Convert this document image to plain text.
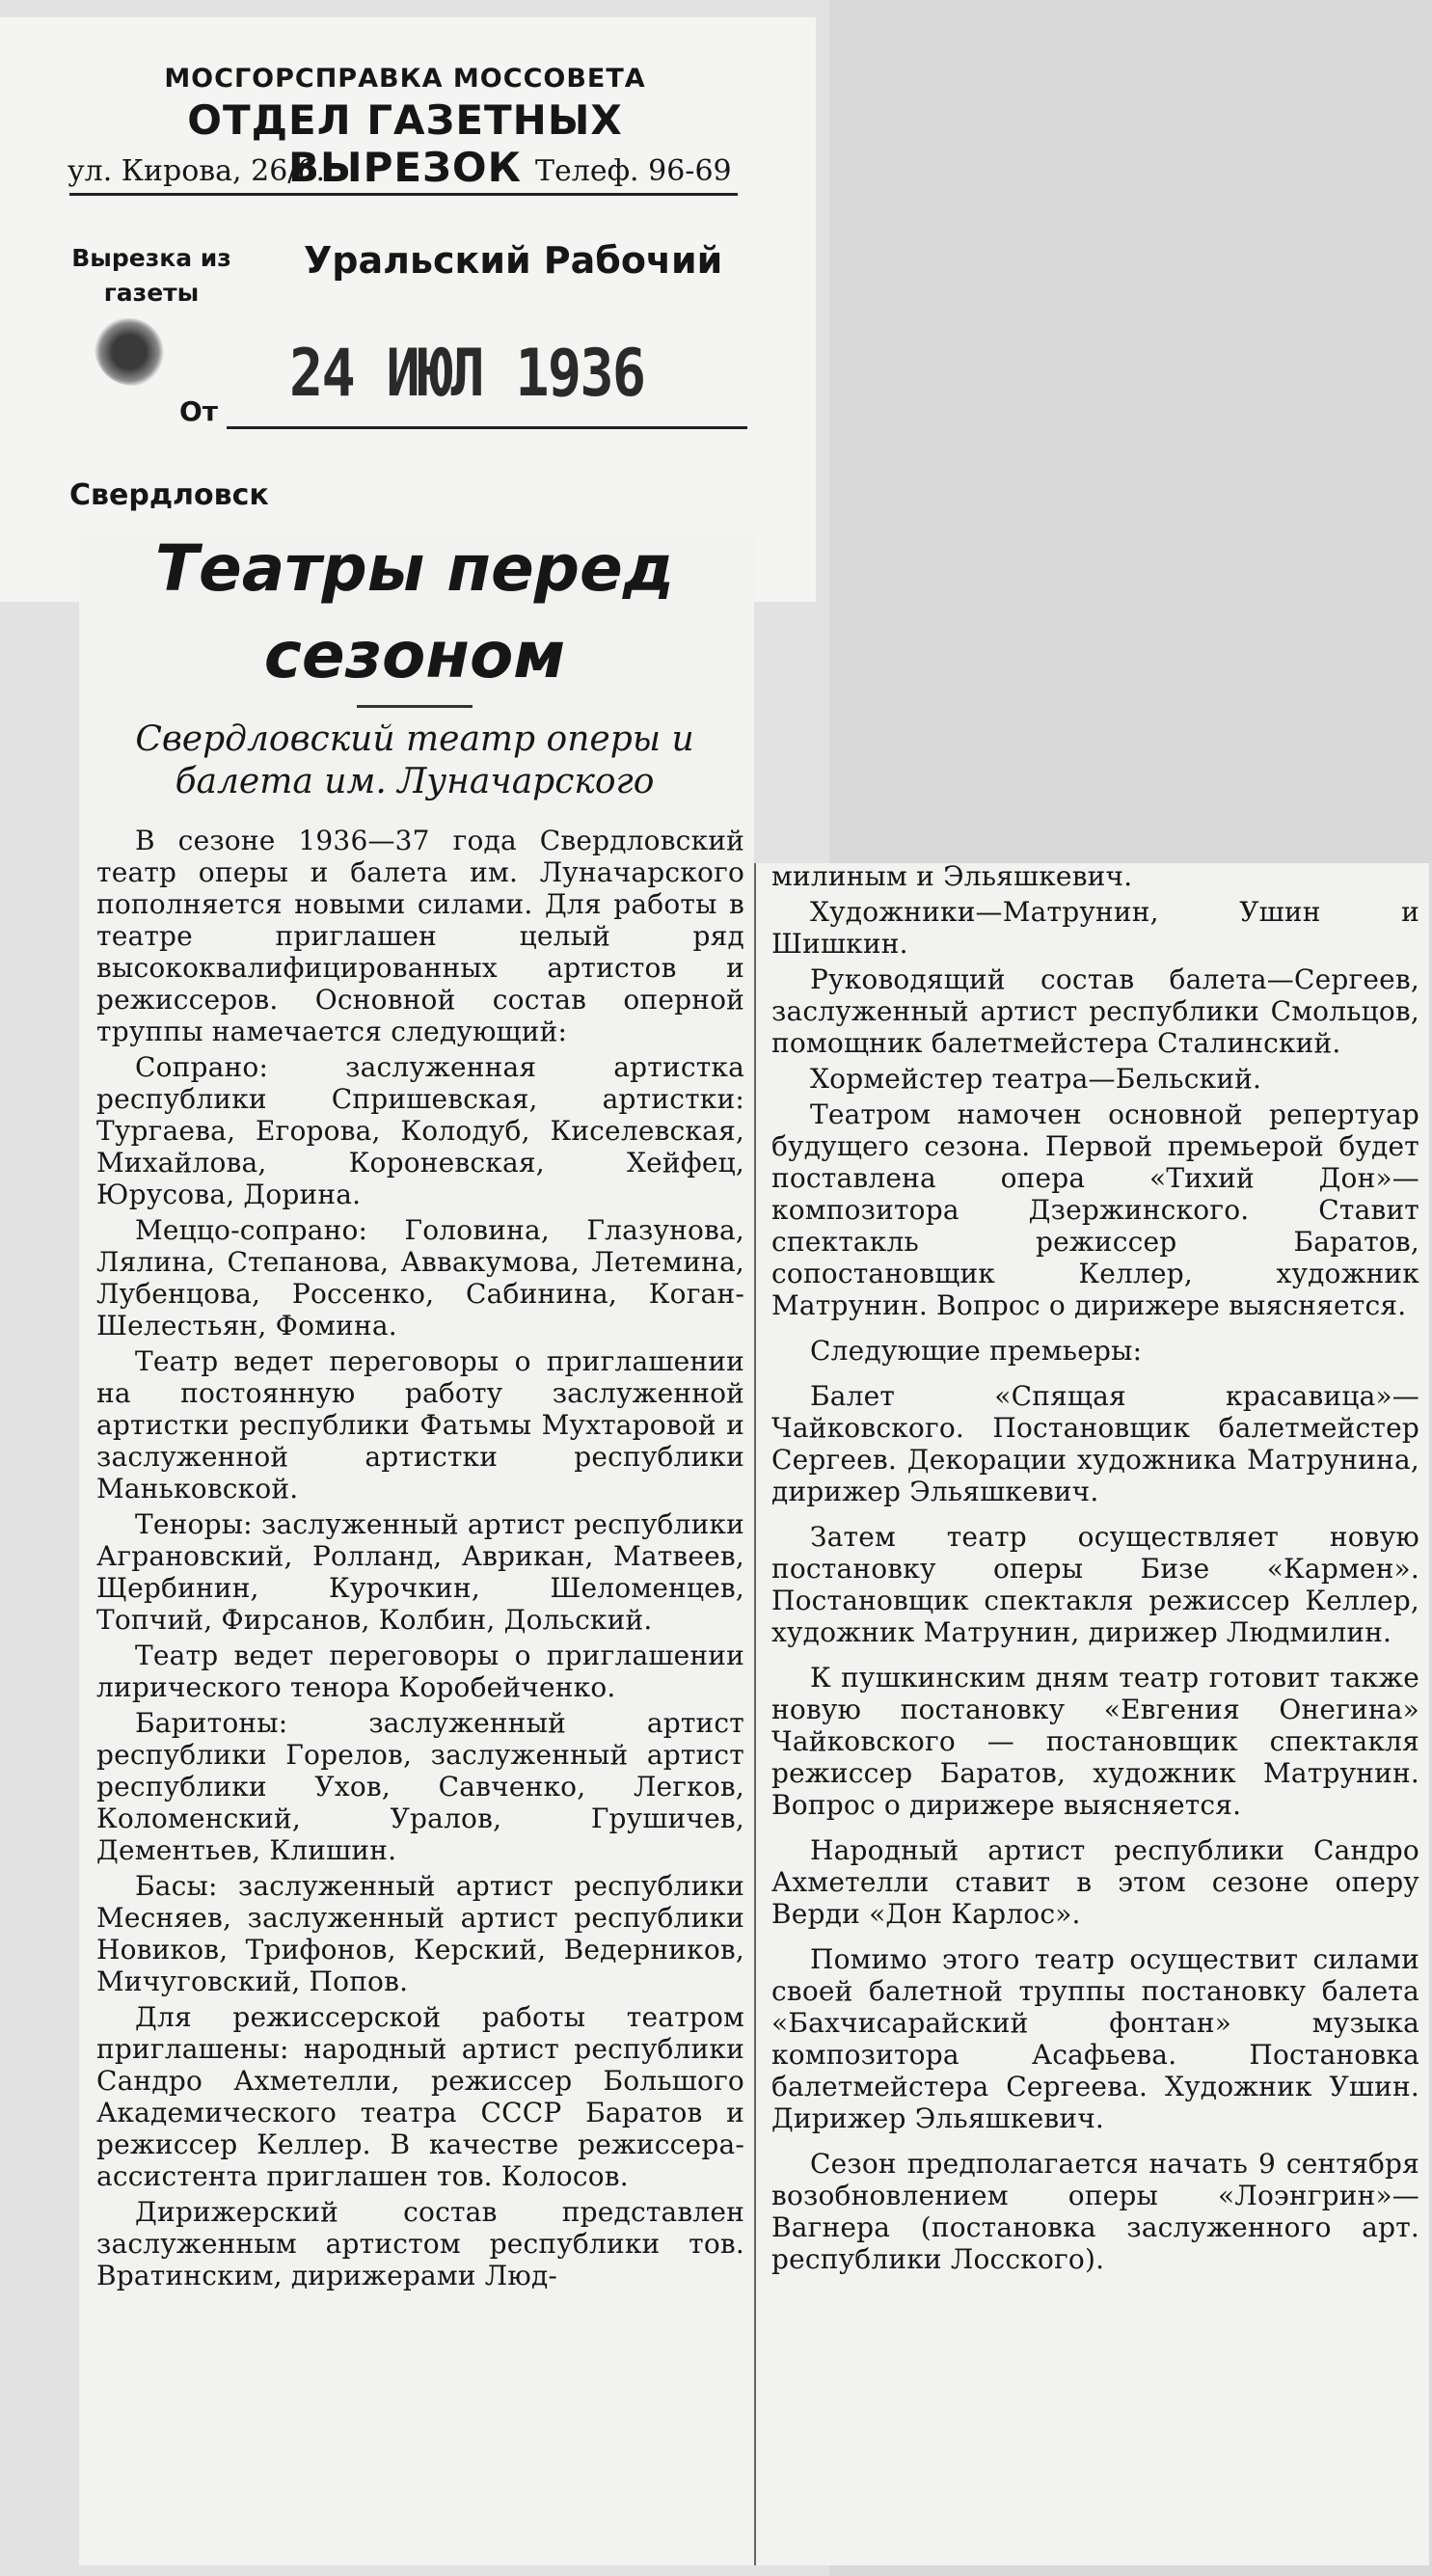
МОСГОРСПРАВКА МОССОВЕТА
ОТДЕЛ ГАЗЕТНЫХ ВЫРЕЗОК
ул. Кирова, 26/6.	Телеф. 96-69
Вырезка из газеты
Уральский Рабочий
24 ИЮЛ 1936
От
Свердловск
Театры перед сезоном
Свердловский театр оперы и балета им. Луначарского

В сезоне 1936—37 года Свердловский театр оперы и балета им. Луначарского пополняется новыми силами. Для работы в театре приглашен целый ряд высококвалифицированных артистов и режиссеров. Основной состав оперной труппы намечается следующий:

Сопрано: заслуженная артистка республики Спришевская, артистки: Тургаева, Егорова, Колодуб, Киселевская, Михайлова, Короневская, Хейфец, Юрусова, Дорина.

Меццо-сопрано: Головина, Глазунова, Лялина, Степанова, Аввакумова, Летемина, Лубенцова, Россенко, Сабинина, Коган-Шелестьян, Фомина.

Театр ведет переговоры о приглашении на постоянную работу заслуженной артистки республики Фатьмы Мухтаровой и заслуженной артистки республики Маньковской.

Теноры: заслуженный артист республики Аграновский, Ролланд, Аврикан, Матвеев, Щербинин, Курочкин, Шеломенцев, Топчий, Фирсанов, Колбин, Дольский.

Театр ведет переговоры о приглашении лирического тенора Коробейченко.

Баритоны: заслуженный артист республики Горелов, заслуженный артист республики Ухов, Савченко, Легков, Коломенский, Уралов, Грушичев, Дементьев, Клишин.

Басы: заслуженный артист республики Месняев, заслуженный артист республики Новиков, Трифонов, Керский, Ведерников, Мичуговский, Попов.

Для режиссерской работы театром приглашены: народный артист республики Сандро Ахметелли, режиссер Большого Академического театра СССР Баратов и режиссер Келлер. В качестве режиссера-ассистента приглашен тов. Колосов.

Дирижерский состав представлен заслуженным артистом республики тов. Вратинским, дирижерами Люд-

милиным и Эльяшкевич.

Художники—Матрунин, Ушин и Шишкин.

Руководящий состав балета—Сергеев, заслуженный артист республики Смольцов, помощник балетмейстера Сталинский.

Хормейстер театра—Бельский.

Театром намочен основной репертуар будущего сезона. Первой премьерой будет поставлена опера «Тихий Дон»—композитора Дзержинского. Ставит спектакль режиссер Баратов, сопостановщик Келлер, художник Матрунин. Вопрос о дирижере выясняется.

Следующие премьеры:

Балет «Спящая красавица»—Чайковского. Постановщик балетмейстер Сергеев. Декорации художника Матрунина, дирижер Эльяшкевич.

Затем театр осуществляет новую постановку оперы Бизе «Кармен». Постановщик спектакля режиссер Келлер, художник Матрунин, дирижер Людмилин.

К пушкинским дням театр готовит также новую постановку «Евгения Онегина» Чайковского — постановщик спектакля режиссер Баратов, художник Матрунин. Вопрос о дирижере выясняется.

Народный артист республики Сандро Ахметелли ставит в этом сезоне оперу Верди «Дон Карлос».

Помимо этого театр осуществит силами своей балетной труппы постановку балета «Бахчисарайский фонтан» музыка композитора Асафьева. Постановка балетмейстера Сергеева. Художник Ушин. Дирижер Эльяшкевич.

Сезон предполагается начать 9 сентября возобновлением оперы «Лоэнгрин»—Вагнера (постановка заслуженного арт. республики Лосского).
